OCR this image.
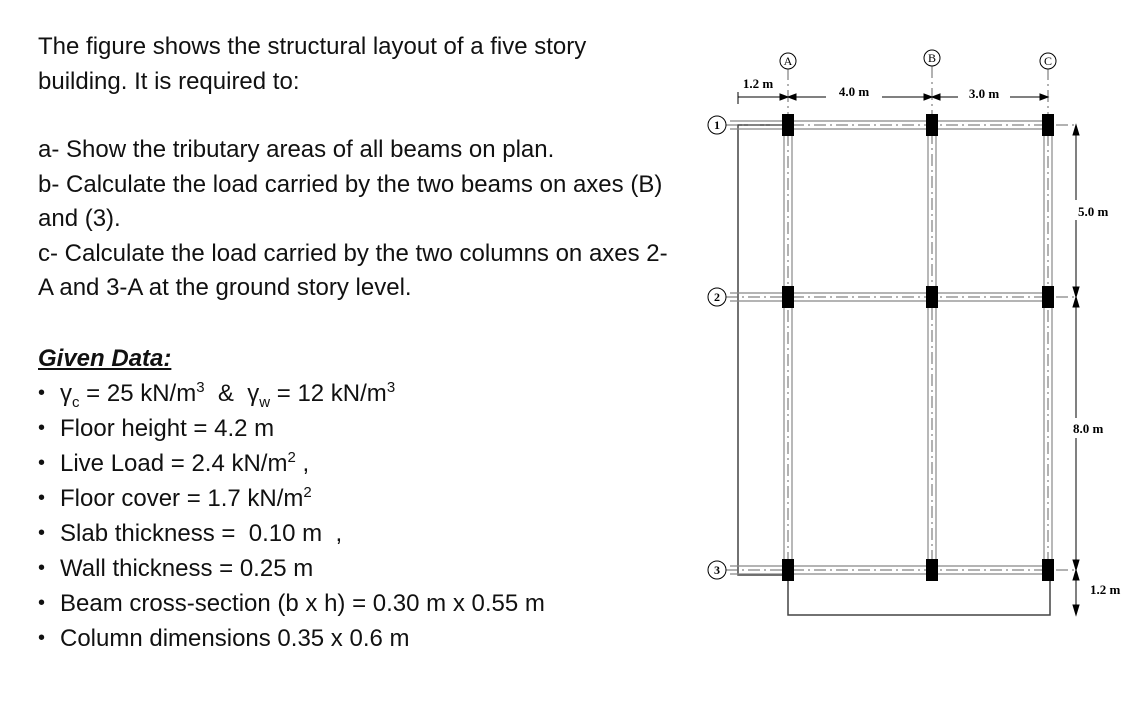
The figure shows the structural layout of a five story building. It is required to:

a- Show the tributary areas of all beams on plan.

b- Calculate the load carried by the two beams on axes (B) and (3).

c- Calculate the load carried by the two columns on axes 2-A and 3-A at the ground story level.

Given Data:

• $\gamma_c = 25$ $kN/m^3$  &  $\gamma_w = 12$ $kN/m^3$
• Floor height = 4.2 m
• Live Load = 2.4 $kN/m^2$ ,
• Floor cover = 1.7 $kN/m^2$
• Slab thickness =  0.10 m  ,
• Wall thickness = 0.25 m
• Beam cross-section (b x h) = 0.30 m x 0.55 m
• Column dimensions 0.35 x 0.6 m
A	B	C
1
2
3
1.2 m
4.0 m	3.0 m
5.0 m
8.0 m
1.2 m
